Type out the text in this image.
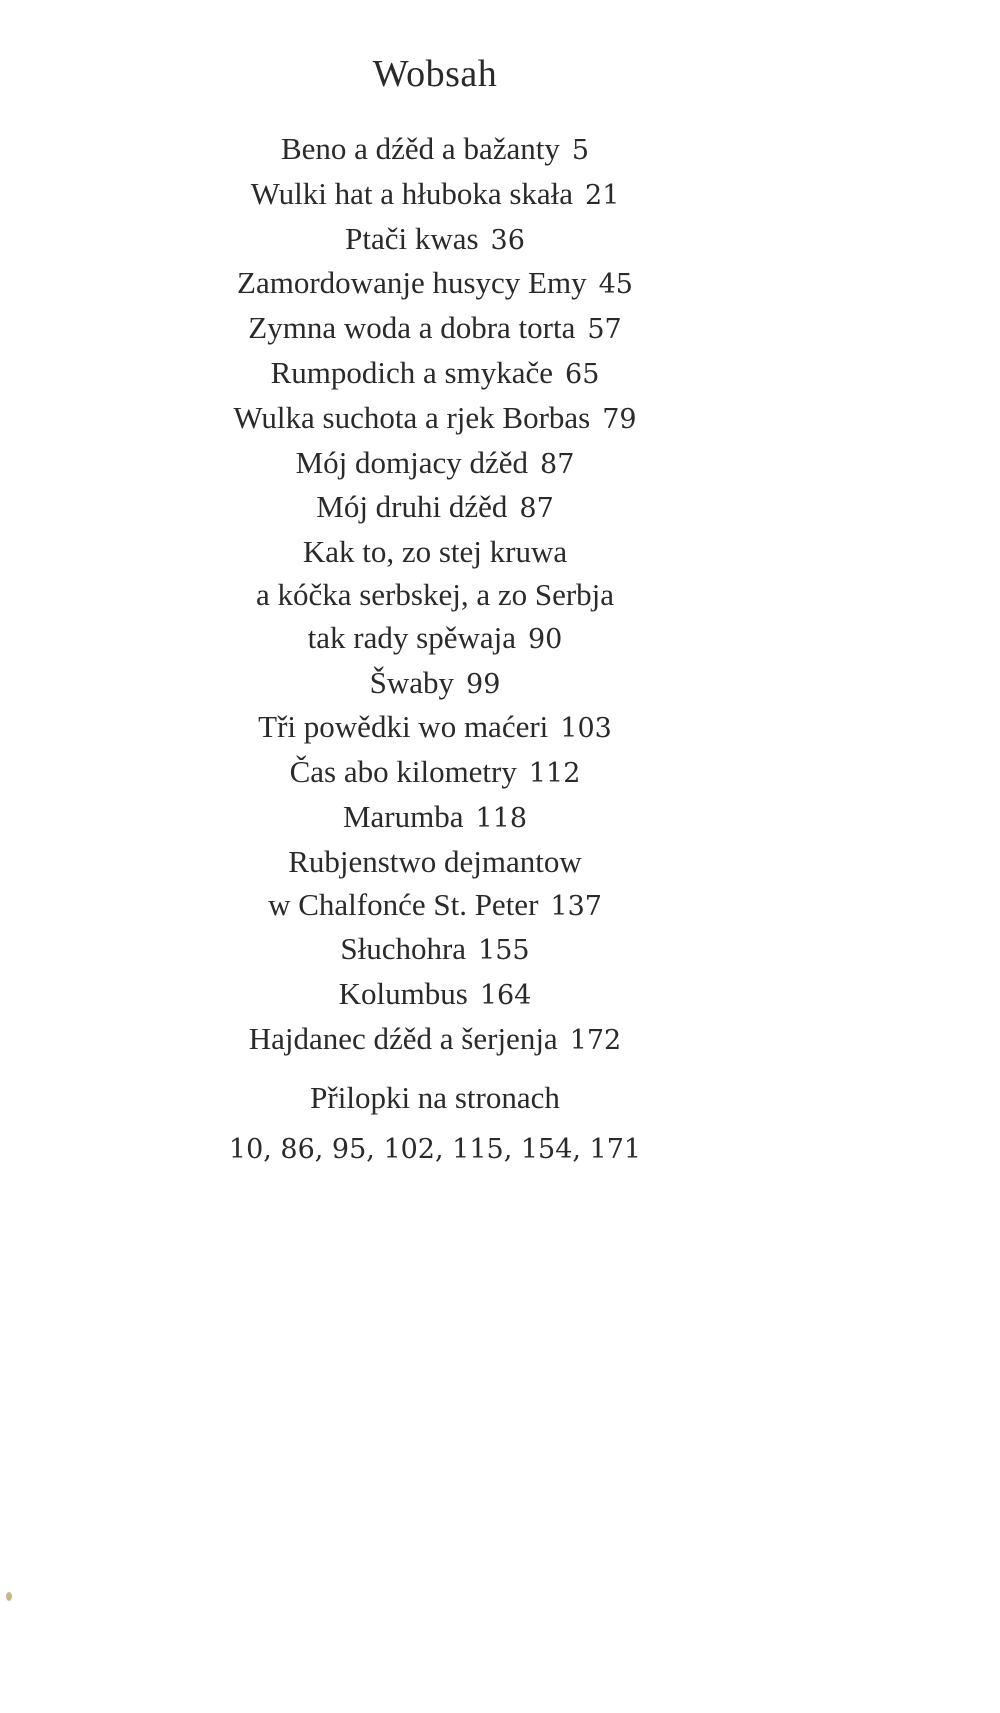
Wobsah
Beno a dźěd a bažanty 5
Wulki hat a hłuboka skała 21
Ptači kwas 36
Zamordowanje husycy Emy 45
Zymna woda a dobra torta 57
Rumpodich a smykače 65
Wulka suchota a rjek Borbas 79
Mój domjacy dźěd 87
Mój druhi dźěd 87
Kak to, zo stej kruwa
a kóčka serbskej, a zo Serbja
tak rady spěwaja 90
Šwaby 99
Tři powědki wo maćeri 103
Čas abo kilometry 112
Marumba 118
Rubjenstwo dejmantow
w Chalfonće St. Peter 137
Słuchohra 155
Kolumbus 164
Hajdanec dźěd a šerjenja 172
Přilopki na stronach
10, 86, 95, 102, 115, 154, 171
